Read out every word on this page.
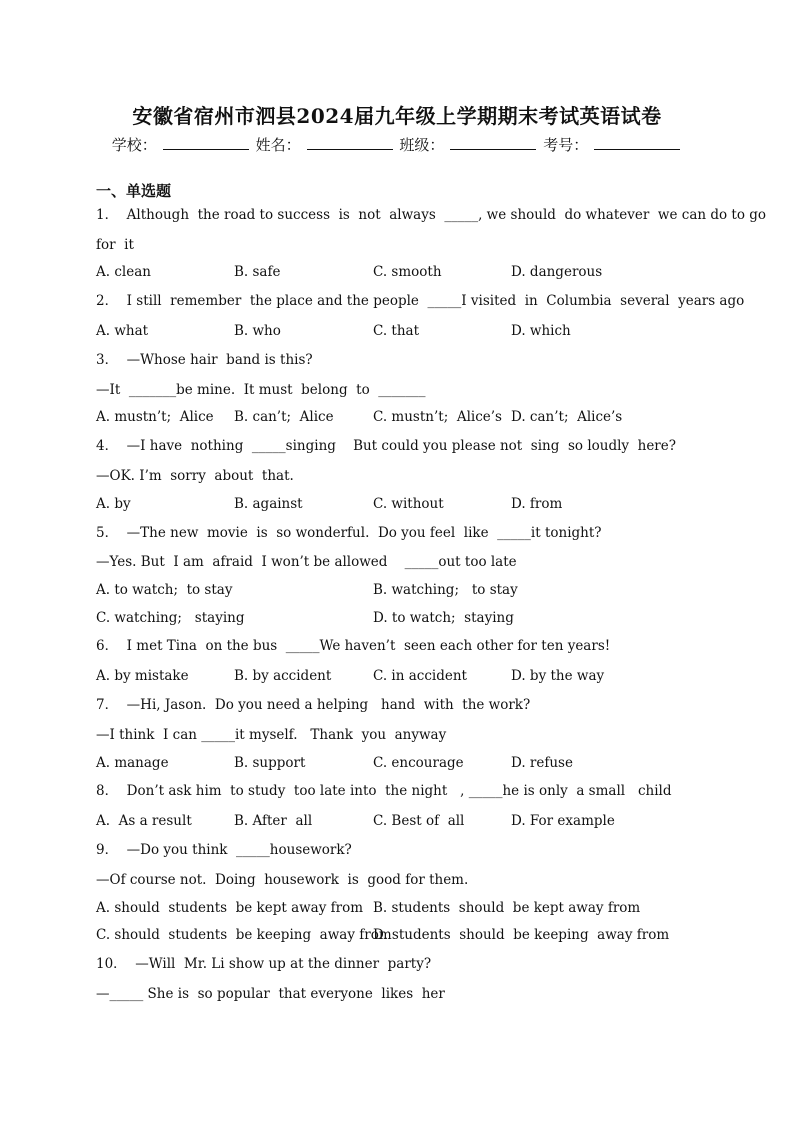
安徽省宿州市泗县2024届九年级上学期期末考试英语试卷
学校：	姓名：	班级：	考号：
一、单选题
1．  Although  the road to success  is  not  always  _____, we should  do whatever  we can do to go
for  it
A. clean	B. safe	C. smooth	D. dangerous
2．  I still  remember  the place and the people  _____I visited  in  Columbia  several  years ago
A. what	B. who	C. that	D. which
3．  —Whose hair  band is this?
—It  _______be mine.  It must  belong  to  _______
A. mustn’t;  Alice B. can’t;  Alice	C. mustn’t;  Alice’s D. can’t;  Alice’s
4．  —I have  nothing  _____singing    But could you please not  sing  so loudly  here?
—OK. I’m  sorry  about  that.
A. by	B. against	C. without	D. from
5．  —The new  movie  is  so wonderful.  Do you feel  like  _____it tonight?
—Yes. But  I am  afraid  I won’t be allowed    _____out too late
A. to watch;  to stay	B. watching;   to stay
C. watching;   staying	D. to watch;  staying
6．  I met Tina  on the bus  _____We haven’t  seen each other for ten years!
A. by mistake	B. by accident	C. in accident	D. by the way
7．  —Hi, Jason.  Do you need a helping   hand  with  the work?
—I think  I can _____it myself.   Thank  you  anyway
A. manage	B. support	C. encourage	D. refuse
8．  Don’t ask him  to study  too late into  the night   , _____he is only  a small   child
A.  As a result	B. After  all	C. Best of  all	D. For example
9．  —Do you think  _____housework?
—Of course not.  Doing  housework  is  good for them.
A. should  students  be kept away from B. students  should  be kept away from
C. should  students  be keeping  away from
D. students  should  be keeping  away from
10．  —Will  Mr. Li show up at the dinner  party?
—_____ She is  so popular  that everyone  likes  her
